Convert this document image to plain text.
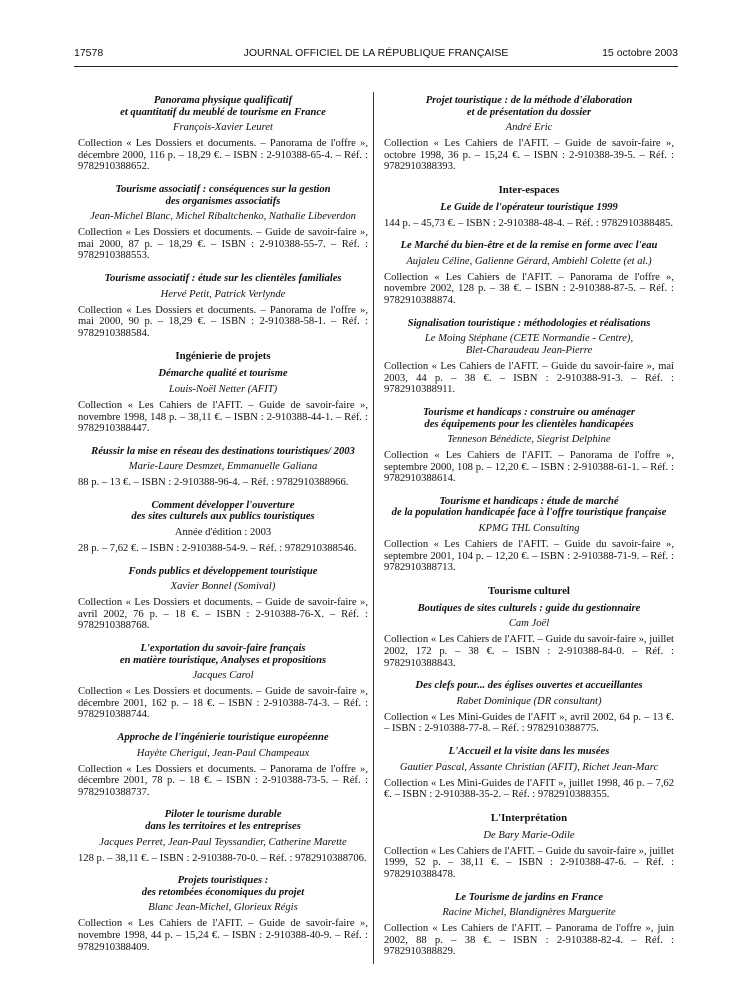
17578	JOURNAL OFFICIEL DE LA RÉPUBLIQUE FRANÇAISE	15 octobre 2003
Panorama physique qualificatif
et quantitatif du meublé de tourisme en France
François-Xavier Leuret
Collection « Les Dossiers et documents. – Panorama de l'offre », décembre 2000, 116 p. – 18,29 €. – ISBN : 2-910388-65-4. – Réf. : 9782910388652.
Tourisme associatif : conséquences sur la gestion
des organismes associatifs
Jean-Michel Blanc, Michel Ribaltchenko, Nathalie Libeverdon
Collection « Les Dossiers et documents. – Guide de savoir-faire », mai 2000, 87 p. – 18,29 €. – ISBN : 2-910388-55-7. – Réf. : 9782910388553.
Tourisme associatif : étude sur les clientèles familiales
Hervé Petit, Patrick Verlynde
Collection « Les Dossiers et documents. – Panorama de l'offre », mai 2000, 90 p. – 18,29 €. – ISBN : 2-910388-58-1. – Réf. : 9782910388584.
Ingénierie de projets
Démarche qualité et tourisme
Louis-Noël Netter (AFIT)
Collection « Les Cahiers de l'AFIT. – Guide de savoir-faire », novembre 1998, 148 p. – 38,11 €. – ISBN : 2-910388-44-1. – Réf. : 9782910388447.
Réussir la mise en réseau des destinations touristiques/ 2003
Marie-Laure Desmzet, Emmanuelle Galiana
88 p. – 13 €. – ISBN : 2-910388-96-4. – Réf. : 9782910388966.
Comment développer l'ouverture
des sites culturels aux publics touristiques
Année d'édition : 2003
28 p. – 7,62 €. – ISBN : 2-910388-54-9. – Réf. : 9782910388546.
Fonds publics et développement touristique
Xavier Bonnel (Somival)
Collection « Les Dossiers et documents. – Guide de savoir-faire », avril 2002, 76 p. – 18 €. – ISBN : 2-910388-76-X. – Réf. : 9782910388768.
L'exportation du savoir-faire français
en matière touristique, Analyses et propositions
Jacques Carol
Collection « Les Dossiers et documents. – Guide de savoir-faire », décembre 2001, 162 p. – 18 €. – ISBN : 2-910388-74-3. – Réf. : 9782910388744.
Approche de l'ingénierie touristique européenne
Hayète Cherigui, Jean-Paul Champeaux
Collection « Les Dossiers et documents. – Panorama de l'offre », décembre 2001, 78 p. – 18 €. – ISBN : 2-910388-73-5. – Réf. : 9782910388737.
Piloter le tourisme durable
dans les territoires et les entreprises
Jacques Perret, Jean-Paul Teyssandier, Catherine Marette
128 p. – 38,11 €. – ISBN : 2-910388-70-0. – Réf. : 9782910388706.
Projets touristiques :
des retombées économiques du projet
Blanc Jean-Michel, Glorieux Régis
Collection « Les Cahiers de l'AFIT. – Guide de savoir-faire », novembre 1998, 44 p. – 15,24 €. – ISBN : 2-910388-40-9. – Réf. : 9782910388409.
Projet touristique : de la méthode d'élaboration
et de présentation du dossier
André Eric
Collection « Les Cahiers de l'AFIT. – Guide de savoir-faire », octobre 1998, 36 p. – 15,24 €. – ISBN : 2-910388-39-5. – Réf. : 9782910388393.
Inter-espaces
Le Guide de l'opérateur touristique 1999
144 p. – 45,73 €. – ISBN : 2-910388-48-4. – Réf. : 9782910388485.
Le Marché du bien-être et de la remise en forme avec l'eau
Aujaleu Céline, Galienne Gérard, Ambiehl Colette (et al.)
Collection « Les Cahiers de l'AFIT. – Panorama de l'offre », novembre 2002, 128 p. – 38 €. – ISBN : 2-910388-87-5. – Réf. : 9782910388874.
Signalisation touristique : méthodologies et réalisations
Le Moing Stéphane (CETE Normandie - Centre),
Blet-Charaudeau Jean-Pierre
Collection « Les Cahiers de l'AFIT. – Guide du savoir-faire », mai 2003, 44 p. – 38 €. – ISBN : 2-910388-91-3. – Réf. : 9782910388911.
Tourisme et handicaps : construire ou aménager
des équipements pour les clientèles handicapées
Tenneson Bénédicte, Siegrist Delphine
Collection « Les Cahiers de l'AFIT. – Panorama de l'offre », septembre 2000, 108 p. – 12,20 €. – ISBN : 2-910388-61-1. – Réf. : 9782910388614.
Tourisme et handicaps : étude de marché
de la population handicapée face à l'offre touristique française
KPMG THL Consulting
Collection « Les Cahiers de l'AFIT. – Guide du savoir-faire », septembre 2001, 104 p. – 12,20 €. – ISBN : 2-910388-71-9. – Réf. : 9782910388713.
Tourisme culturel
Boutiques de sites culturels : guide du gestionnaire
Cam Joël
Collection « Les Cahiers de l'AFIT. – Guide du savoir-faire », juillet 2002, 172 p. – 38 €. – ISBN : 2-910388-84-0. – Réf. : 9782910388843.
Des clefs pour... des églises ouvertes et accueillantes
Rabet Dominique (DR consultant)
Collection « Les Mini-Guides de l'AFIT », avril 2002, 64 p. – 13 €. – ISBN : 2-910388-77-8. – Réf. : 9782910388775.
L'Accueil et la visite dans les musées
Gautier Pascal, Assante Christian (AFIT), Richet Jean-Marc
Collection « Les Mini-Guides de l'AFIT », juillet 1998, 46 p. – 7,62 €. – ISBN : 2-910388-35-2. – Réf. : 9782910388355.
L'Interprétation
De Bary Marie-Odile
Collection « Les Cahiers de l'AFIT. – Guide du savoir-faire », juillet 1999, 52 p. – 38,11 €. – ISBN : 2-910388-47-6. – Réf. : 9782910388478.
Le Tourisme de jardins en France
Racine Michel, Blandignères Marguerite
Collection « Les Cahiers de l'AFIT. – Panorama de l'offre », juin 2002, 88 p. – 38 €. – ISBN : 2-910388-82-4. – Réf. : 9782910388829.
